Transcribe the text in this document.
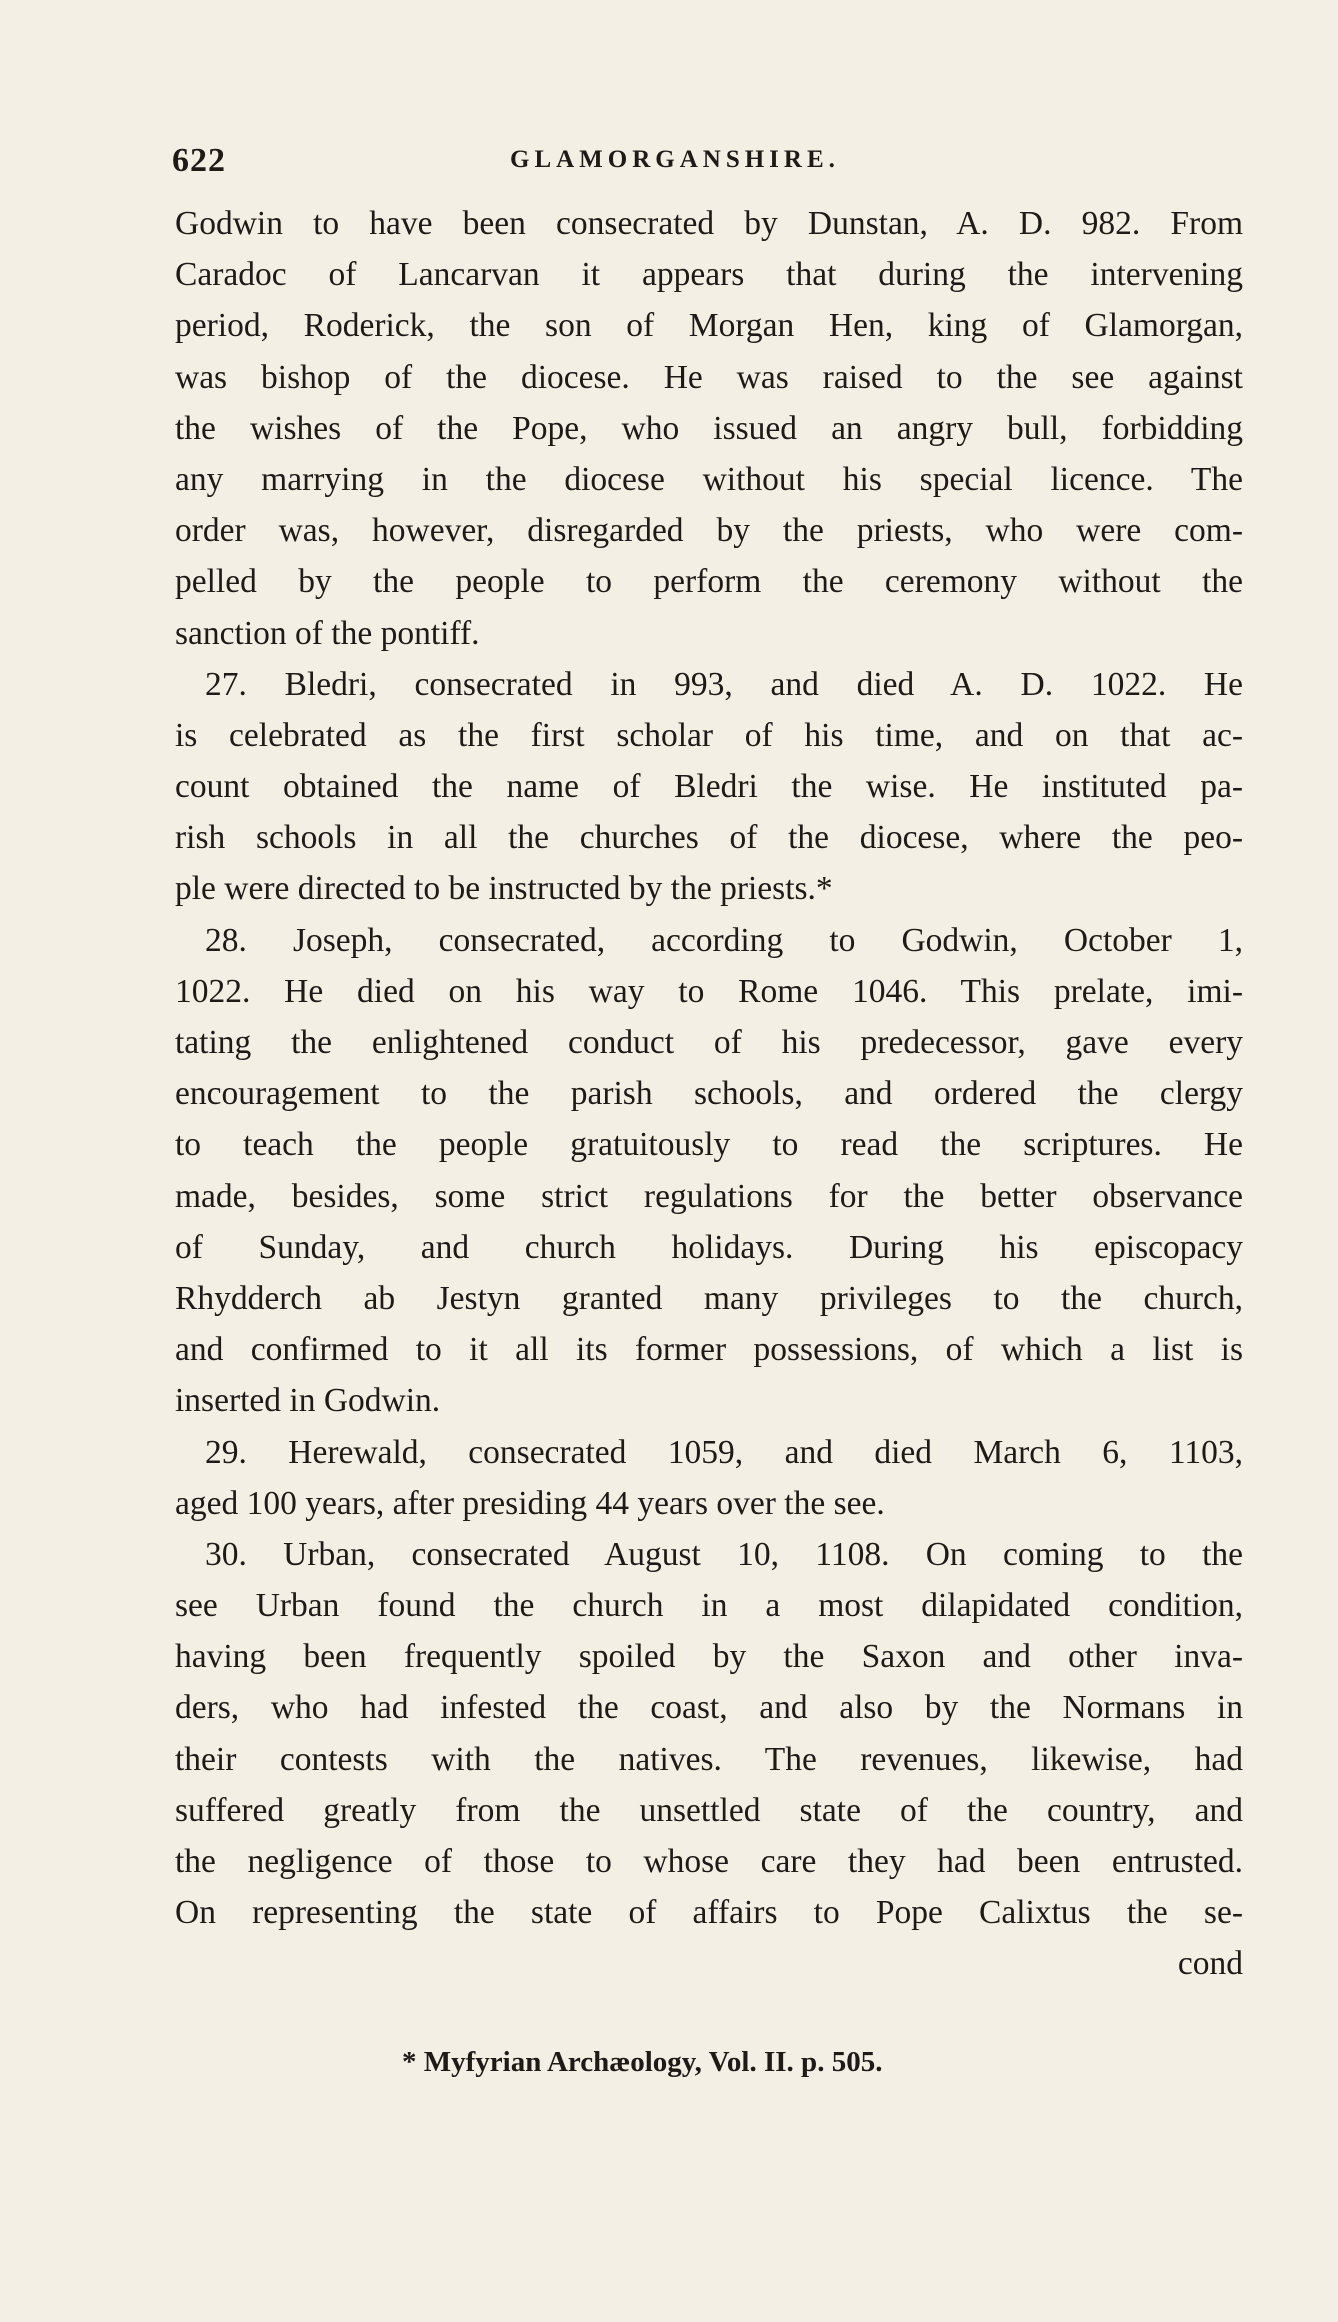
622	GLAMORGANSHIRE.
Godwin to have been consecrated by Dunstan, A. D. 982. From
Caradoc of Lancarvan it appears that during the intervening
period, Roderick, the son of Morgan Hen, king of Glamorgan,
was bishop of the diocese. He was raised to the see against
the wishes of the Pope, who issued an angry bull, forbidding
any marrying in the diocese without his special licence. The
order was, however, disregarded by the priests, who were com-
pelled by the people to perform the ceremony without the
sanction of the pontiff.
27. Bledri, consecrated in 993, and died A. D. 1022. He
is celebrated as the first scholar of his time, and on that ac-
count obtained the name of Bledri the wise. He instituted pa-
rish schools in all the churches of the diocese, where the peo-
ple were directed to be instructed by the priests.*
28. Joseph, consecrated, according to Godwin, October 1,
1022. He died on his way to Rome 1046. This prelate, imi-
tating the enlightened conduct of his predecessor, gave every
encouragement to the parish schools, and ordered the clergy
to teach the people gratuitously to read the scriptures. He
made, besides, some strict regulations for the better observance
of Sunday, and church holidays. During his episcopacy
Rhydderch ab Jestyn granted many privileges to the church,
and confirmed to it all its former possessions, of which a list is
inserted in Godwin.
29. Herewald, consecrated 1059, and died March 6, 1103,
aged 100 years, after presiding 44 years over the see.
30. Urban, consecrated August 10, 1108. On coming to the
see Urban found the church in a most dilapidated condition,
having been frequently spoiled by the Saxon and other inva-
ders, who had infested the coast, and also by the Normans in
their contests with the natives. The revenues, likewise, had
suffered greatly from the unsettled state of the country, and
the negligence of those to whose care they had been entrusted.
On representing the state of affairs to Pope Calixtus the se-
cond
* Myfyrian Archæology, Vol. II. p. 505.
